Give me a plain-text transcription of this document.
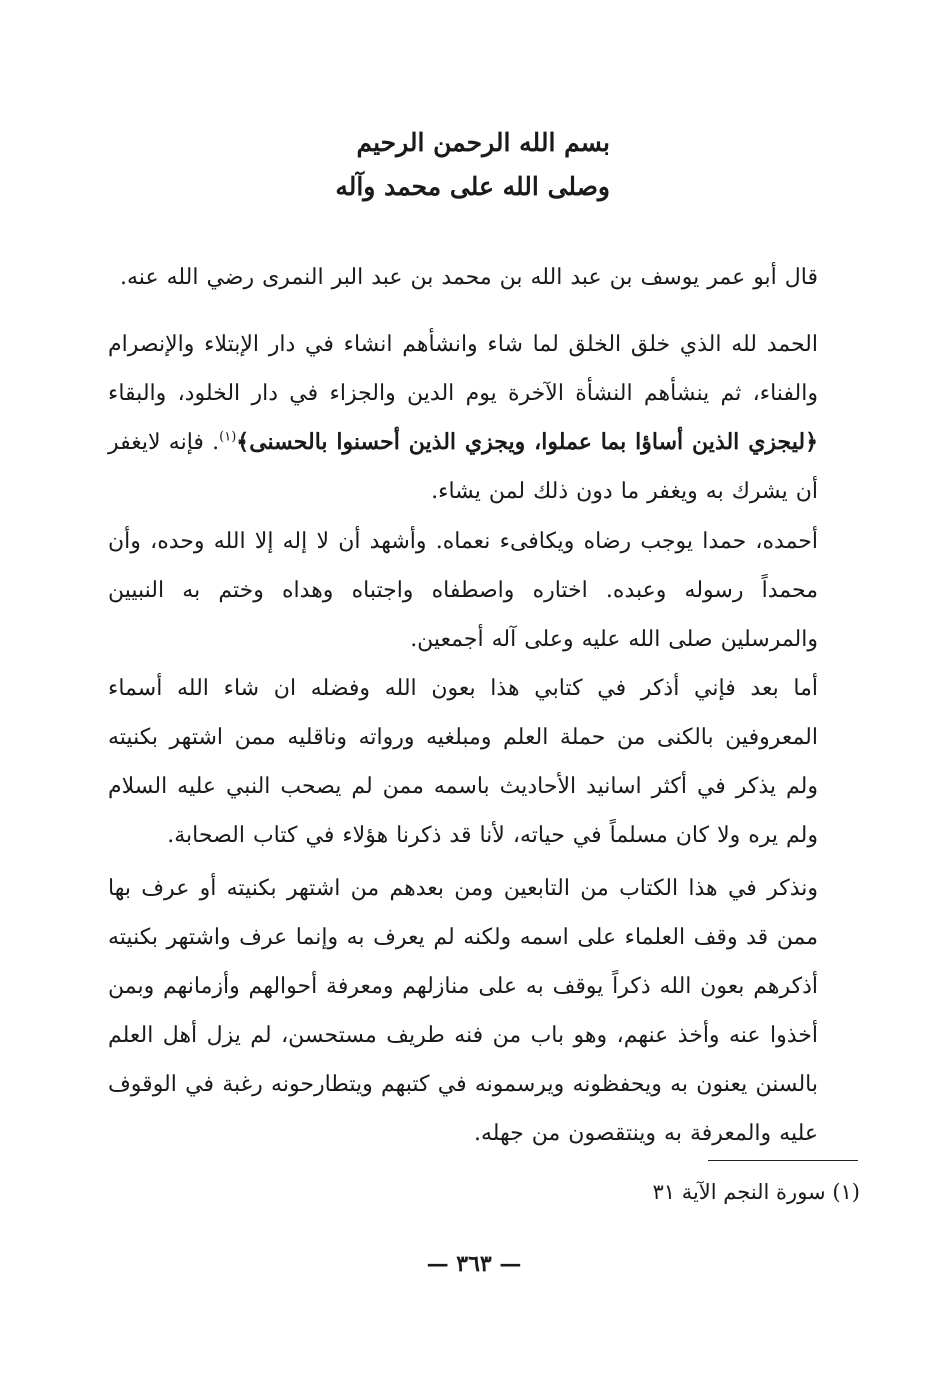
بسم الله الرحمن الرحيم
وصلى الله على محمد وآله
قال أبو عمر يوسف بن عبد الله بن محمد بن عبد البر النمرى رضي الله عنه.
الحمد لله الذي خلق الخلق لما شاء وانشأهم انشاء في دار الإبتلاء والإنصرام والفناء، ثم ينشأهم النشأة الآخرة يوم الدين والجزاء في دار الخلود، والبقاء ﴿ليجزي الذين أساؤا بما عملوا، ويجزي الذين أحسنوا بالحسنى﴾$^{(١)}$. فإنه لايغفر أن يشرك به ويغفر ما دون ذلك لمن يشاء.
أحمده، حمدا يوجب رضاه ويكافىء نعماه. وأشهد أن لا إله إلا الله وحده، وأن محمداً رسوله وعبده. اختاره واصطفاه واجتباه وهداه وختم به النبيين والمرسلين صلى الله عليه وعلى آله أجمعين.
أما بعد فإني أذكر في كتابي هذا بعون الله وفضله ان شاء الله أسماء المعروفين بالكنى من حملة العلم ومبلغيه ورواته وناقليه ممن اشتهر بكنيته ولم يذكر في أكثر اسانيد الأحاديث باسمه ممن لم يصحب النبي عليه السلام ولم يره ولا كان مسلماً في حياته، لأنا قد ذكرنا هؤلاء في كتاب الصحابة.
ونذكر في هذا الكتاب من التابعين ومن بعدهم من اشتهر بكنيته أو عرف بها ممن قد وقف العلماء على اسمه ولكنه لم يعرف به وإنما عرف واشتهر بكنيته أذكرهم بعون الله ذكراً يوقف به على منازلهم ومعرفة أحوالهم وأزمانهم وبمن أخذوا عنه وأخذ عنهم، وهو باب من فنه طريف مستحسن، لم يزل أهل العلم بالسنن يعنون به ويحفظونه ويرسمونه في كتبهم ويتطارحونه رغبة في الوقوف عليه والمعرفة به وينتقصون من جهله.
(١) سورة النجم الآية ٣١
— ٣٦٣ —
